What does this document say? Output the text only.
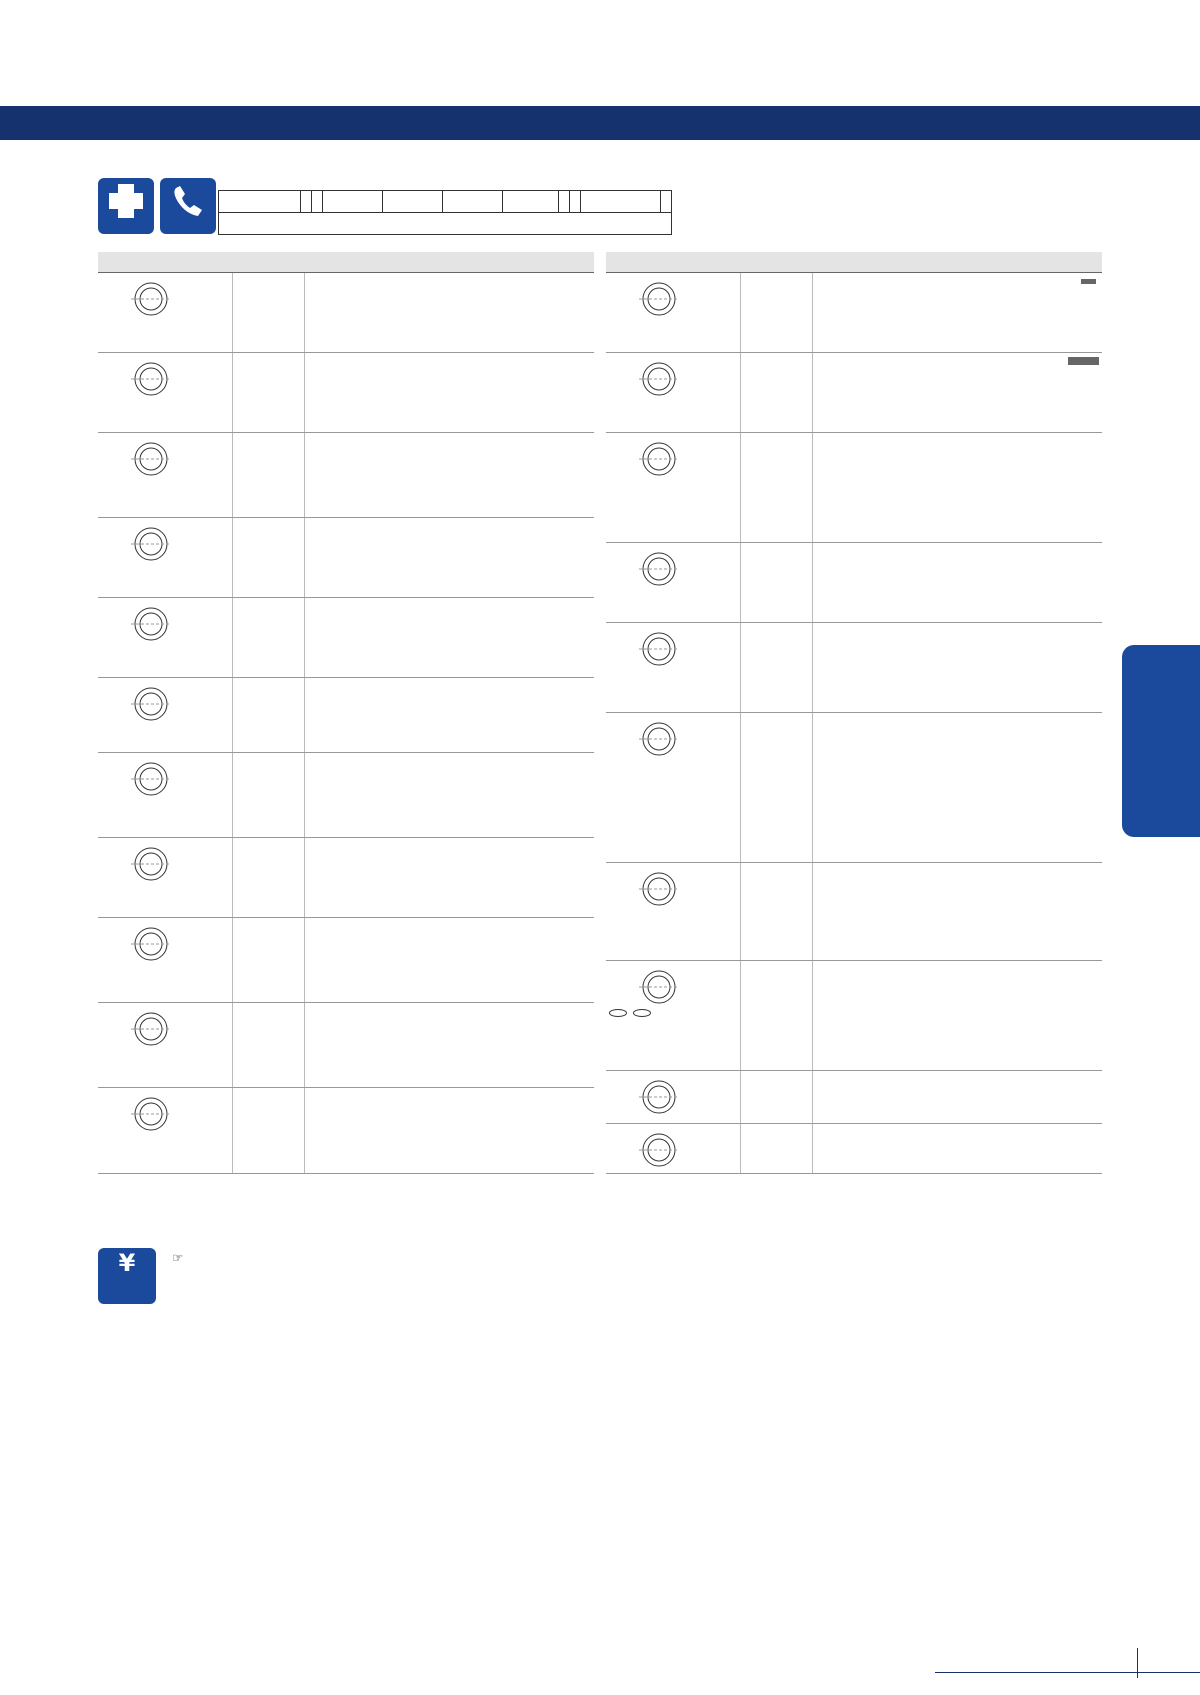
¥	☞
